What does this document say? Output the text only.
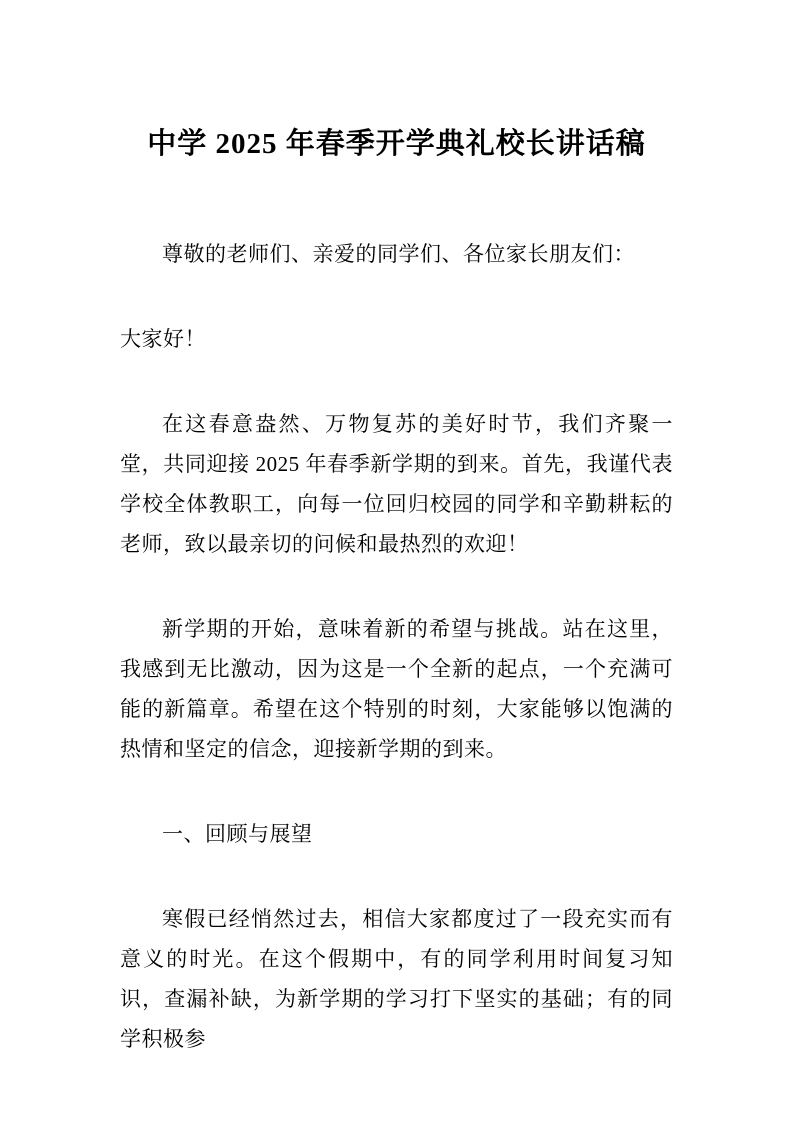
中学 2025 年春季开学典礼校长讲话稿

尊敬的老师们、亲爱的同学们、各位家长朋友们：

大家好！

在这春意盎然、万物复苏的美好时节，我们齐聚一堂，共同迎接 2025 年春季新学期的到来。首先，我谨代表学校全体教职工，向每一位回归校园的同学和辛勤耕耘的老师，致以最亲切的问候和最热烈的欢迎！

新学期的开始，意味着新的希望与挑战。站在这里，我感到无比激动，因为这是一个全新的起点，一个充满可能的新篇章。希望在这个特别的时刻，大家能够以饱满的热情和坚定的信念，迎接新学期的到来。

一、回顾与展望

寒假已经悄然过去，相信大家都度过了一段充实而有意义的时光。在这个假期中，有的同学利用时间复习知识，查漏补缺，为新学期的学习打下坚实的基础；有的同学积极参
